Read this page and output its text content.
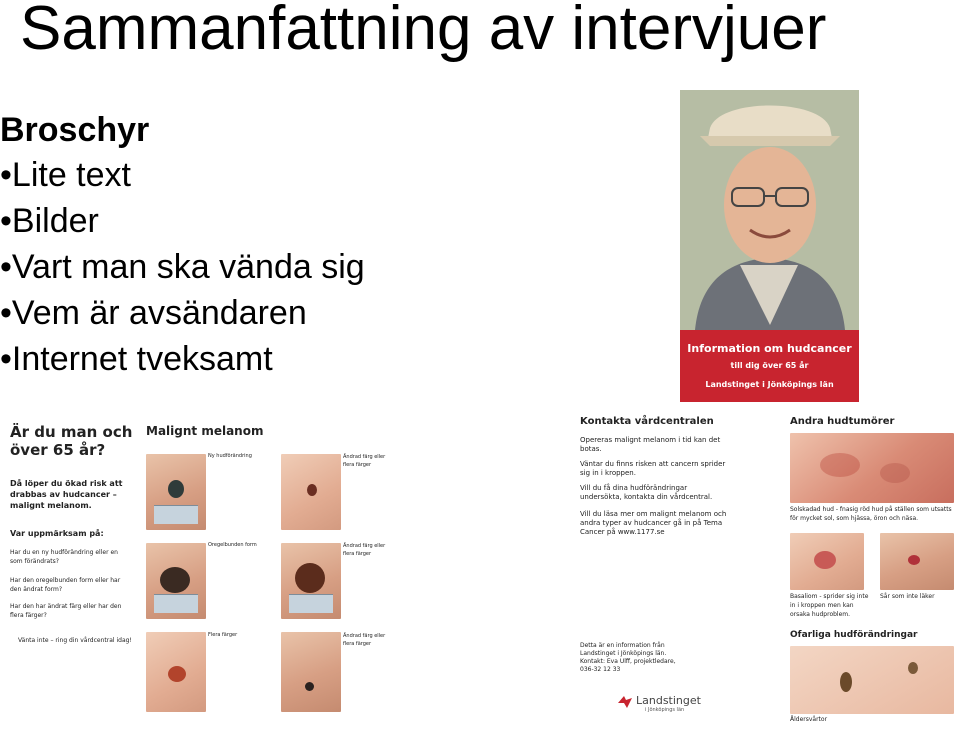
Sammanfattning av intervjuer
Broschyr
•Lite text
•Bilder
•Vart man ska vända sig
•Vem är avsändaren
•Internet tveksamt	Information om hudcancer
till dig över 65 år
Landstinget i Jönköpings län
Är du man och över 65 år?
Då löper du ökad risk att drabbas av hudcancer – malignt melanom.
Var uppmärksam på:
Har du en ny hudförändring eller en som förändrats?
Har den oregelbunden form eller har den ändrat form?
Har den har ändrat färg eller har den flera färger?
Vänta inte – ring din vårdcentral idag!
Malignt melanom
Ny hudförändring	Ändrad färg eller flera färger
Oregelbunden form	Ändrad färg eller flera färger
Flera färger	Ändrad färg eller flera färger
Kontakta vårdcentralen
Opereras malignt melanom i tid kan det botas.
Väntar du finns risken att cancern sprider sig in i kroppen.
Vill du få dina hudförändringar undersökta, kontakta din vårdcentral.
Vill du läsa mer om malignt melanom och andra typer av hudcancer gå in på Tema Cancer på www.1177.se
Detta är en information från Landstinget i Jönköpings län. Kontakt: Eva Ulff, projektledare, 036-32 12 33
Landstinget
i Jönköpings län
Andra hudtumörer
Solskadad hud - fnasig röd hud på ställen som utsatts för mycket sol, som hjässa, öron och näsa.
Basaliom - sprider sig inte in i kroppen men kan orsaka hudproblem.
Sår som inte läker
Ofarliga hudförändringar
Åldersvårtor
